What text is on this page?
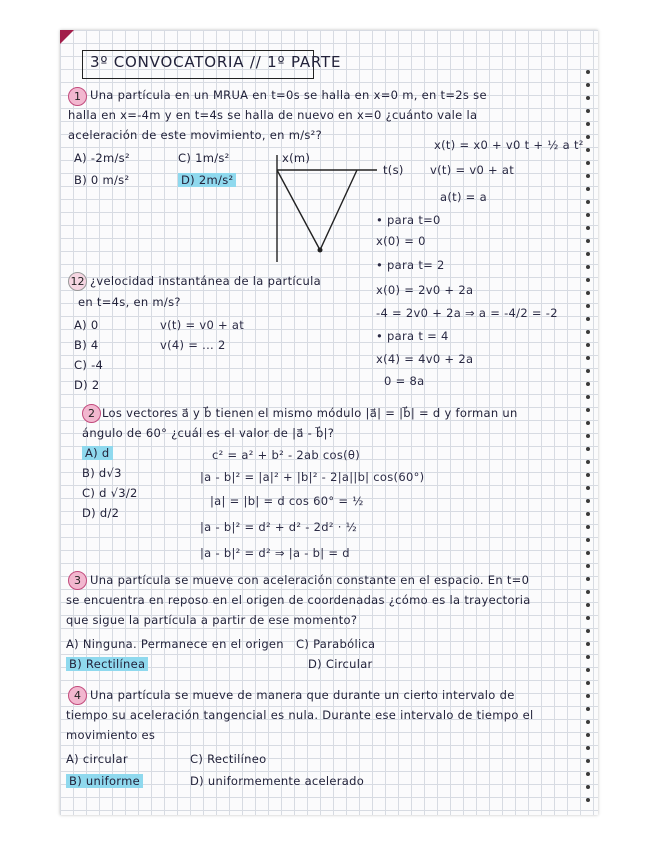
3º CONVOCATORIA // 1º PARTE
1 Una partícula en un MRUA en t=0s se halla en x=0 m, en t=2s se
halla en x=-4m y en t=4s se halla de nuevo en x=0 ¿cuánto vale la
aceleración de este movimiento, en m/s²?
A) -2m/s²	C) 1m/s²
B) 0 m/s²	D) 2m/s²
x(m)
t(s)
x(t) = x0 + v0 t + ½ a t²
v(t) = v0 + at
a(t) = a
• para t=0
x(0) = 0
• para t= 2
x(0) = 2v0 + 2a
-4 = 2v0 + 2a ⇒ a = -4/2 = -2
• para t = 4
x(4) = 4v0 + 2a
0 = 8a
12 ¿velocidad instantánea de la partícula
en t=4s, en m/s?
A) 0
B) 4
C) -4
D) 2
v(t) = v0 + at
v(4) = ... 2
2 Los vectores a⃗ y b⃗ tienen el mismo módulo |a⃗| = |b⃗| = d y forman un
ángulo de 60° ¿cuál es el valor de |a⃗ - b⃗|?
A) d
B) d√3
C) d √3/2
D) d/2
c² = a² + b² - 2ab cos(θ)
|a - b|² = |a|² + |b|² - 2|a||b| cos(60°)
|a| = |b| = d cos 60° = ½
|a - b|² = d² + d² - 2d² · ½
|a - b|² = d² ⇒ |a - b| = d
3 Una partícula se mueve con aceleración constante en el espacio. En t=0
se encuentra en reposo en el origen de coordenadas ¿cómo es la trayectoria
que sigue la partícula a partir de ese momento?
A) Ninguna. Permanece en el origen C) Parabólica
B) Rectilínea	D) Circular
4 Una partícula se mueve de manera que durante un cierto intervalo de
tiempo su aceleración tangencial es nula. Durante ese intervalo de tiempo el
movimiento es
A) circular	C) Rectilíneo
B) uniforme	D) uniformemente acelerado
